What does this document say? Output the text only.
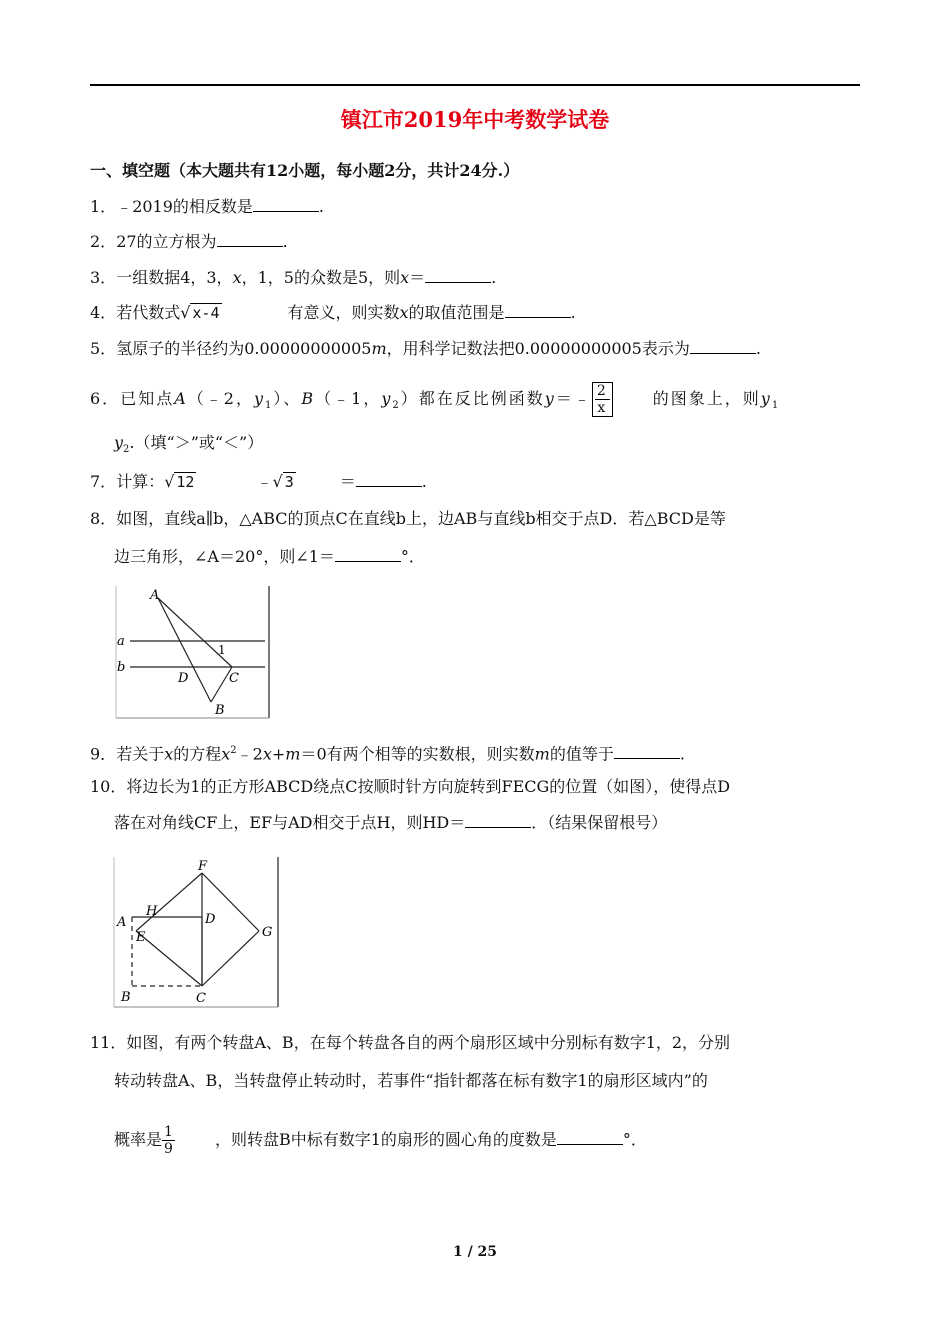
镇江市2019年中考数学试卷
一、填空题（本大题共有12小题，每小题2分，共计24分.）
1．﹣2019的相反数是	.
2．27的立方根为	.
3．一组数据4，3，x，1，5的众数是5，则x＝	.
4．若代数式√ x-4	有意义，则实数x的取值范围是	.
5．氢原子的半径约为0.00000000005m，用科学记数法把0.00000000005表示为	.
6．已知点A（﹣2，$y_1$）、B（﹣1，$y_2$）都在反比例函数y＝﹣ $\frac{2}{x}$	的图象上，则$y_1$
$y_2$.（填“＞”或“＜”）
7．计算：√ 12	﹣√ 3	＝	.
8．如图，直线a∥b，△ABC的顶点C在直线b上，边AB与直线b相交于点D．若△BCD是等
边三角形，∠A＝20°，则∠1＝	°．
A
a
b
1
D	C
B
9．若关于x的方程$x^2﹣2x+m=0$有两个相等的实数根，则实数m的值等于	.
10．将边长为1的正方形ABCD绕点C按顺时针方向旋转到FECG的位置（如图），使得点D
落在对角线CF上，EF与AD相交于点H，则HD＝	．（结果保留根号）
F
H
D
A
E	G
B	C
11．如图，有两个转盘A、B，在每个转盘各自的两个扇形区域中分别标有数字1，2，分别
转动转盘A、B，当转盘停止转动时，若事件“指针都落在标有数字1的扇形区域内”的
概率是 $\frac{1}{9}$	，则转盘B中标有数字1的扇形的圆心角的度数是	°．
1 / 25
